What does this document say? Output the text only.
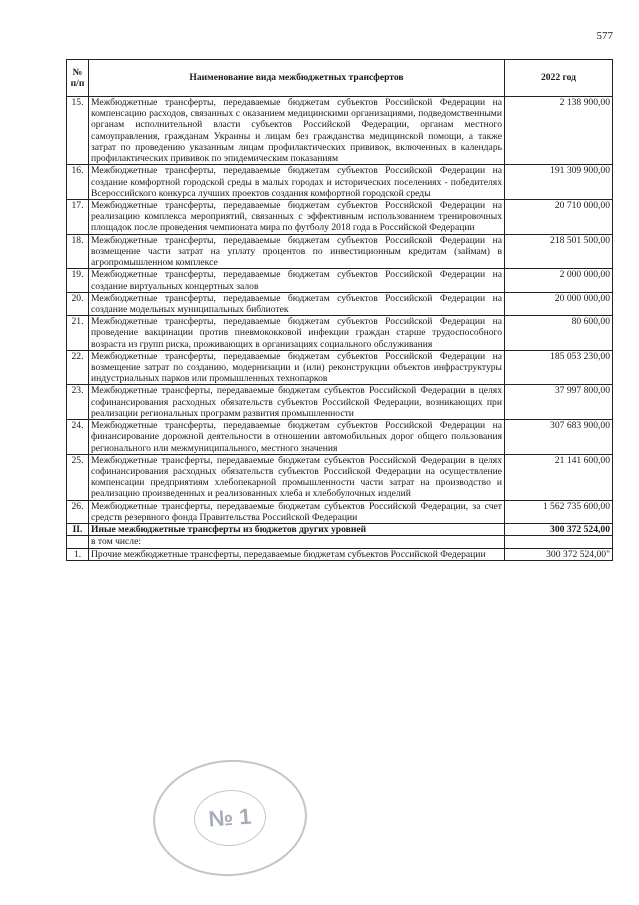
577
№ п/п	Наименование вида межбюджетных трансфертов	2022 год
15.	Межбюджетные трансферты, передаваемые бюджетам субъектов Российской Федерации на компенсацию расходов, связанных с оказанием медицинскими организациями, подведомственными органам исполнительной власти субъектов Российской Федерации, органам местного самоуправления, гражданам Украины и лицам без гражданства медицинской помощи, а также затрат по проведению указанным лицам профилактических прививок, включенных в календарь профилактических прививок по эпидемическим показаниям	2 138 900,00
16.	Межбюджетные трансферты, передаваемые бюджетам субъектов Российской Федерации на создание комфортной городской среды в малых городах и исторических поселениях - победителях Всероссийского конкурса лучших проектов создания комфортной городской среды	191 309 900,00
17.	Межбюджетные трансферты, передаваемые бюджетам субъектов Российской Федерации на реализацию комплекса мероприятий, связанных с эффективным использованием тренировочных площадок после проведения чемпионата мира по футболу 2018 года в Российской Федерации	20 710 000,00
18.	Межбюджетные трансферты, передаваемые бюджетам субъектов Российской Федерации на возмещение части затрат на уплату процентов по инвестиционным кредитам (займам) в агропромышленном комплексе	218 501 500,00
19.	Межбюджетные трансферты, передаваемые бюджетам субъектов Российской Федерации на создание виртуальных концертных залов	2 000 000,00
20.	Межбюджетные трансферты, передаваемые бюджетам субъектов Российской Федерации на создание модельных муниципальных библиотек	20 000 000,00
21.	Межбюджетные трансферты, передаваемые бюджетам субъектов Российской Федерации на проведение вакцинации против пневмококковой инфекции граждан старше трудоспособного возраста из групп риска, проживающих в организациях социального обслуживания	80 600,00
22.	Межбюджетные трансферты, передаваемые бюджетам субъектов Российской Федерации на возмещение затрат по созданию, модернизации и (или) реконструкции объектов инфраструктуры индустриальных парков или промышленных технопарков	185 053 230,00
23.	Межбюджетные трансферты, передаваемые бюджетам субъектов Российской Федерации в целях софинансирования расходных обязательств субъектов Российской Федерации, возникающих при реализации региональных программ развития промышленности	37 997 800,00
24.	Межбюджетные трансферты, передаваемые бюджетам субъектов Российской Федерации на финансирование дорожной деятельности в отношении автомобильных дорог общего пользования регионального или межмуниципального, местного значения	307 683 900,00
25.	Межбюджетные трансферты, передаваемые бюджетам субъектов Российской Федерации в целях софинансирования расходных обязательств субъектов Российской Федерации на осуществление компенсации предприятиям хлебопекарной промышленности части затрат на производство и реализацию произведенных и реализованных хлеба и хлебобулочных изделий	21 141 600,00
26.	Межбюджетные трансферты, передаваемые бюджетам субъектов Российской Федерации, за счет средств резервного фонда Правительства Российской Федерации	1 562 735 600,00
II.	Иные межбюджетные трансферты из бюджетов других уровней	300 372 524,00
	в том числе:	
1.	Прочие межбюджетные трансферты, передаваемые бюджетам субъектов Российской Федерации	300 372 524,00"
№ 1
